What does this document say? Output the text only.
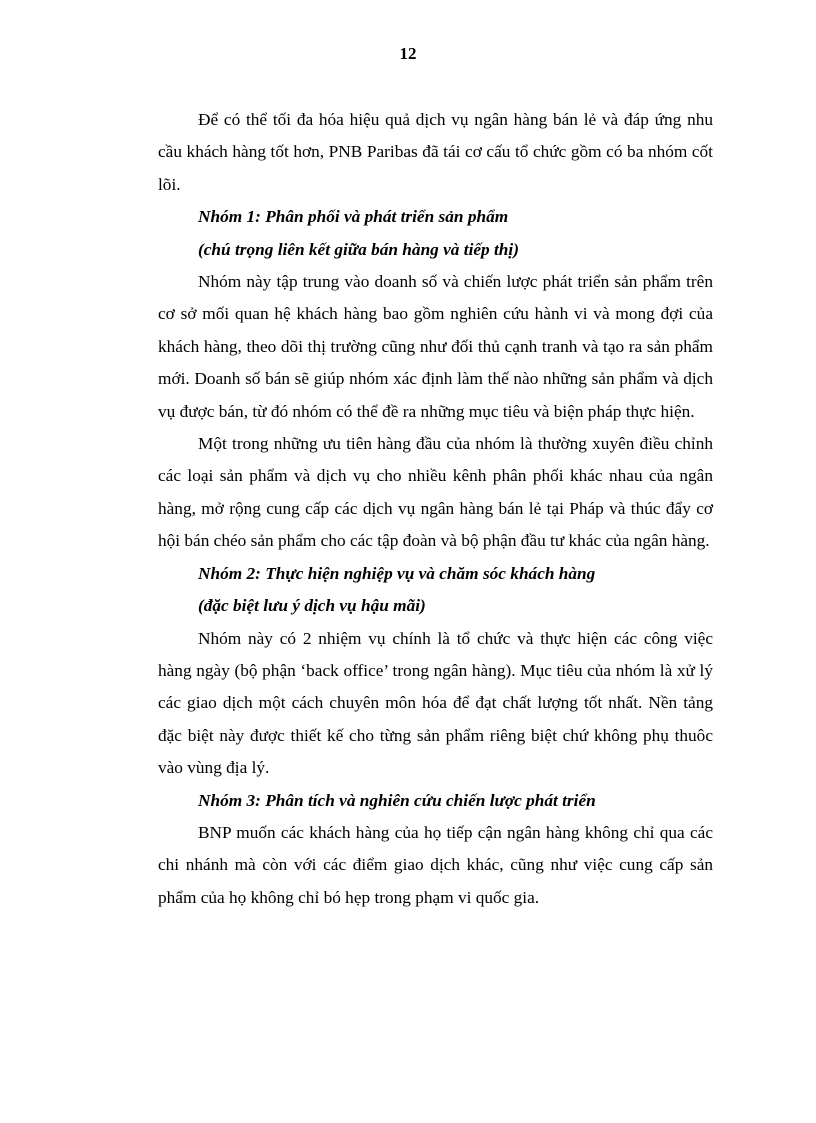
12

Để có thể tối đa hóa hiệu quả dịch vụ ngân hàng bán lẻ và đáp ứng nhu cầu khách hàng tốt hơn, PNB Paribas đã tái cơ cấu tổ chức gồm có ba nhóm cốt lõi.

Nhóm 1: Phân phối và phát triển sản phẩm

(chú trọng liên kết giữa bán hàng và tiếp thị)

Nhóm này tập trung vào doanh số và chiến lược phát triển sản phẩm trên cơ sở mối quan hệ khách hàng bao gồm nghiên cứu hành vi và mong đợi của khách hàng, theo dõi thị trường cũng như đối thủ cạnh tranh và tạo ra sản phẩm mới. Doanh số bán sẽ giúp nhóm xác định làm thế nào những sản phẩm và dịch vụ được bán, từ đó nhóm có thể đề ra những mục tiêu và biện pháp thực hiện.

Một trong những ưu tiên hàng đầu của nhóm là thường xuyên điều chỉnh các loại sản phẩm và dịch vụ cho nhiều kênh phân phối khác nhau của ngân hàng, mở rộng cung cấp các dịch vụ ngân hàng bán lẻ tại Pháp và thúc đẩy cơ hội bán chéo sản phẩm cho các tập đoàn và bộ phận đầu tư khác của ngân hàng.

Nhóm 2: Thực hiện nghiệp vụ và chăm sóc khách hàng

(đặc biệt lưu ý dịch vụ hậu mãi)

Nhóm này có 2 nhiệm vụ chính là tổ chức và thực hiện các công việc hàng ngày (bộ phận ‘back office’ trong ngân hàng). Mục tiêu của nhóm là xử lý các giao dịch một cách chuyên môn hóa để đạt chất lượng tốt nhất. Nền tảng đặc biệt này được thiết kế cho từng sản phẩm riêng biệt chứ không phụ thuôc vào vùng địa lý.

Nhóm 3: Phân tích và nghiên cứu chiến lược phát triển

BNP muốn các khách hàng của họ tiếp cận ngân hàng không chỉ qua các chi nhánh mà còn với các điểm giao dịch khác, cũng như việc cung cấp sản phẩm của họ không chỉ bó hẹp trong phạm vi quốc gia.
